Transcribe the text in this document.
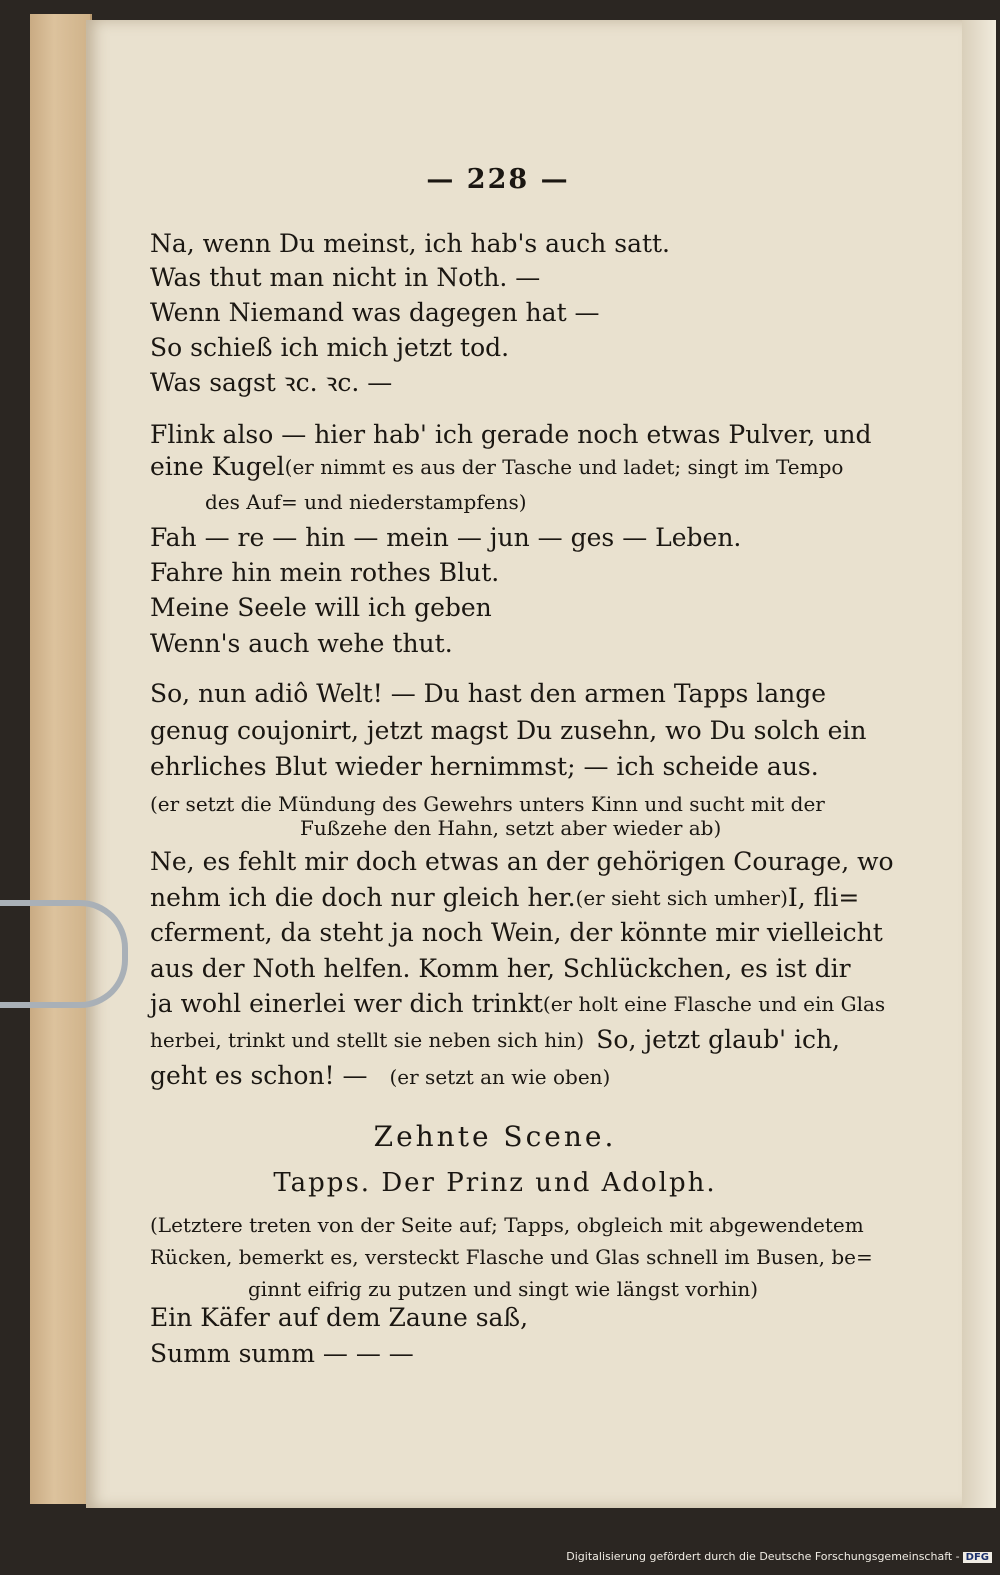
— 228 —
Na, wenn Du meinst, ich hab's auch satt.
Was thut man nicht in Noth. —
Wenn Niemand was dagegen hat —
So schieß ich mich jetzt tod.
Was sagst ꝛc. ꝛc. —
Flink also — hier hab' ich gerade noch etwas Pulver, und
eine Kugel (er nimmt es aus der Tasche und ladet; singt im Tempo
des Auf= und niederstampfens)
Fah — re — hin — mein — jun — ges — Leben.
Fahre hin mein rothes Blut.
Meine Seele will ich geben
Wenn's auch wehe thut.
So, nun adiô Welt! — Du hast den armen Tapps lange
genug coujonirt, jetzt magst Du zusehn, wo Du solch ein
ehrliches Blut wieder hernimmst; — ich scheide aus.
(er setzt die Mündung des Gewehrs unters Kinn und sucht mit der
Fußzehe den Hahn, setzt aber wieder ab)
Ne, es fehlt mir doch etwas an der gehörigen Courage, wo
nehm ich die doch nur gleich her. (er sieht sich umher) I, fli=
cferment, da steht ja noch Wein, der könnte mir vielleicht
aus der Noth helfen. Komm her, Schlückchen, es ist dir
ja wohl einerlei wer dich trinkt (er holt eine Flasche und ein Glas
herbei, trinkt und stellt sie neben sich hin) So, jetzt glaub' ich,
geht es schon! — (er setzt an wie oben)
Zehnte Scene.
Tapps. Der Prinz und Adolph.
(Letztere treten von der Seite auf; Tapps, obgleich mit abgewendetem
Rücken, bemerkt es, versteckt Flasche und Glas schnell im Busen, be=
ginnt eifrig zu putzen und singt wie längst vorhin)
Ein Käfer auf dem Zaune saß,
Summ summ — — —
Digitalisierung gefördert durch die Deutsche Forschungsgemeinschaft - DFG
